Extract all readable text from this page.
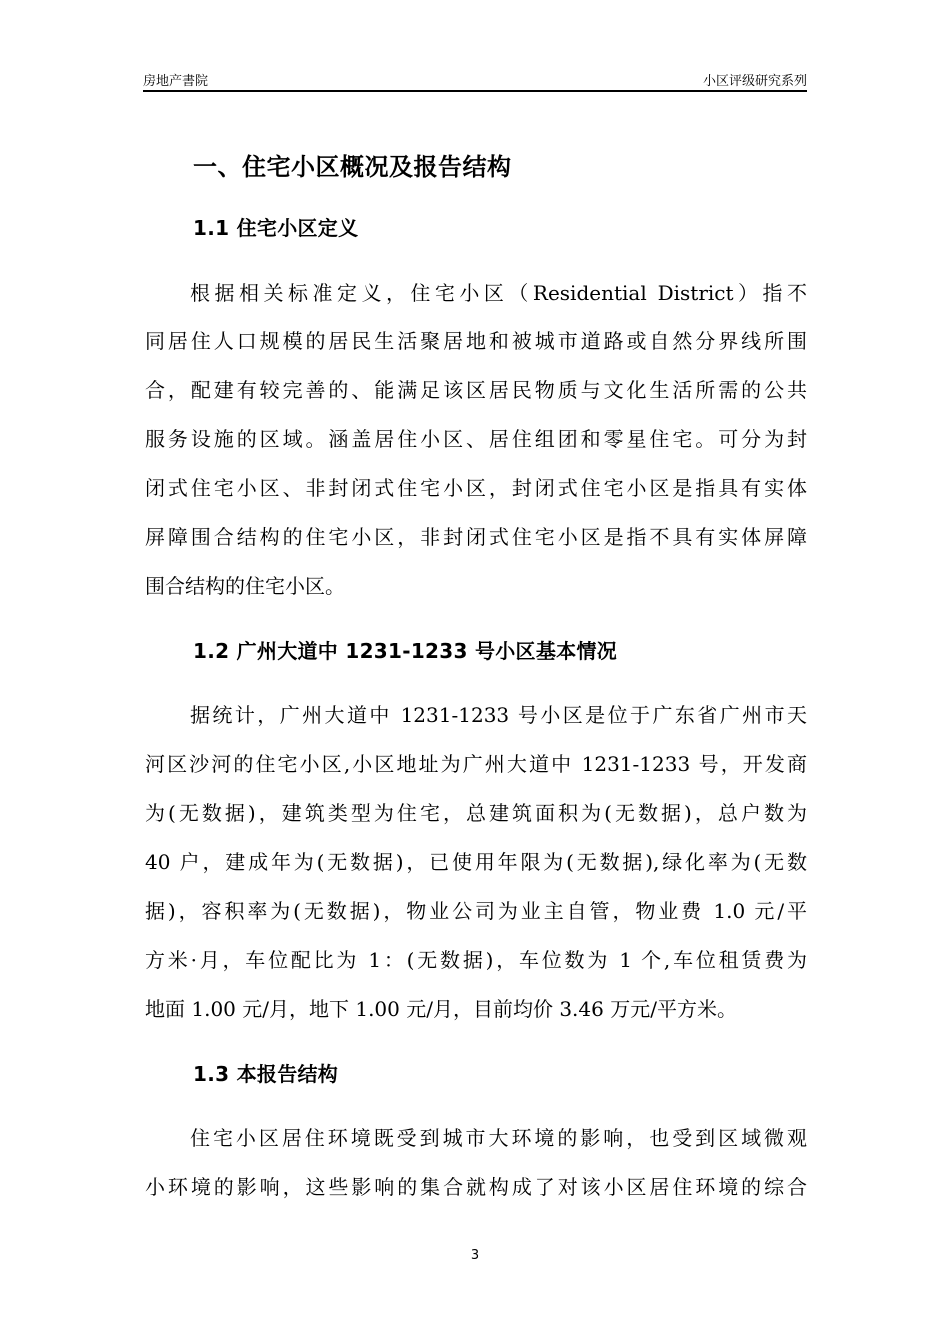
房地产書院	小区评级研究系列
一、住宅小区概况及报告结构
1.1 住宅小区定义
根据相关标准定义，住宅小区（Residential District）指不
同居住人口规模的居民生活聚居地和被城市道路或自然分界线所围
合，配建有较完善的、能满足该区居民物质与文化生活所需的公共
服务设施的区域。涵盖居住小区、居住组团和零星住宅。可分为封
闭式住宅小区、非封闭式住宅小区，封闭式住宅小区是指具有实体
屏障围合结构的住宅小区，非封闭式住宅小区是指不具有实体屏障
围合结构的住宅小区。
1.2 广州大道中 1231-1233 号小区基本情况
据统计，广州大道中 1231-1233 号小区是位于广东省广州市天
河区沙河的住宅小区,小区地址为广州大道中 1231-1233 号，开发商
为(无数据)，建筑类型为住宅，总建筑面积为(无数据)，总户数为
40 户，建成年为(无数据)，已使用年限为(无数据),绿化率为(无数
据)，容积率为(无数据)，物业公司为业主自管，物业费 1.0 元/平
方米·月，车位配比为 1：(无数据)，车位数为 1 个,车位租赁费为
地面 1.00 元/月，地下 1.00 元/月，目前均价 3.46 万元/平方米。
1.3 本报告结构
住宅小区居住环境既受到城市大环境的影响，也受到区域微观
小环境的影响，这些影响的集合就构成了对该小区居住环境的综合
3
